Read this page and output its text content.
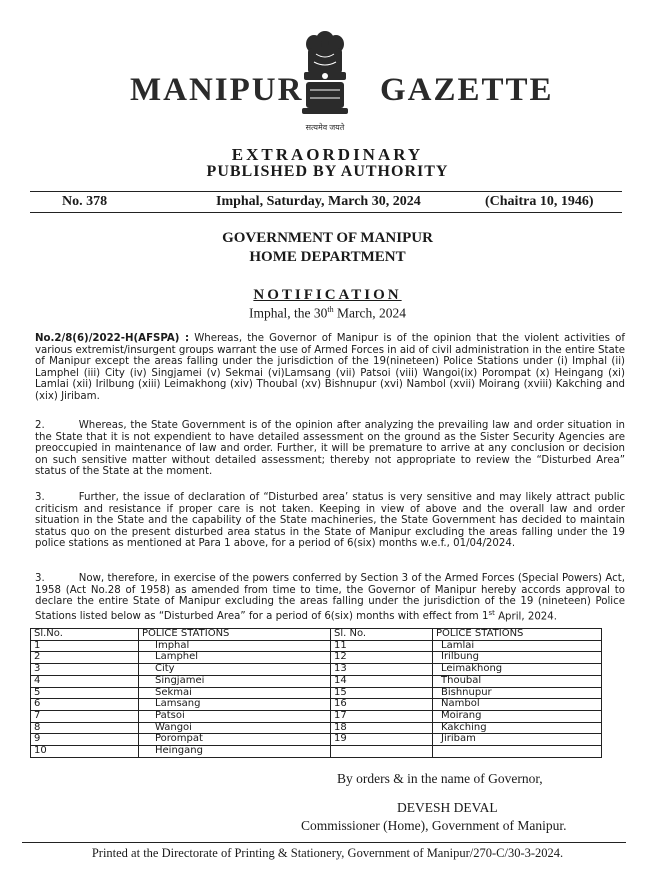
MANIPUR
सत्यमेव जयते
GAZETTE
EXTRAORDINARY
PUBLISHED BY AUTHORITY
No. 378	Imphal, Saturday, March 30, 2024	(Chaitra 10, 1946)
GOVERNMENT OF MANIPUR
HOME DEPARTMENT
NOTIFICATION
Imphal, the 30th March, 2024
No.2/8(6)/2022-H(AFSPA) : Whereas, the Governor of Manipur is of the opinion that the violent activities of various extremist/insurgent groups warrant the use of Armed Forces in aid of civil administration in the entire State of Manipur except the areas falling under the jurisdiction of the 19(nineteen) Police Stations under (i) Imphal (ii) Lamphel (iii) City (iv) Singjamei (v) Sekmai (vi)Lamsang (vii) Patsoi (viii) Wangoi(ix) Porompat (x) Heingang (xi) Lamlai (xii) Irilbung (xiii) Leimakhong (xiv) Thoubal (xv) Bishnupur (xvi) Nambol (xvii) Moirang (xviii) Kakching and (xix) Jiribam.
2.	Whereas, the State Government is of the opinion after analyzing the prevailing law and order situation in the State that it is not expendient to have detailed assessment on the ground as the Sister Security Agencies are preoccupied in maintenance of law and order. Further, it will be premature to arrive at any conclusion or decision on such sensitive matter without detailed assessment; thereby not appropriate to review the “Disturbed Area” status of the State at the moment.
3.	Further, the issue of declaration of “Disturbed area’ status is very sensitive and may likely attract public criticism and resistance if proper care is not taken. Keeping in view of above and the overall law and order situation in the State and the capability of the State machineries, the State Government has decided to maintain status quo on the present disturbed area status in the State of Manipur excluding the areas falling under the 19 police stations as mentioned at Para 1 above, for a period of 6(six) months w.e.f., 01/04/2024.
3.	Now, therefore, in exercise of the powers conferred by Section 3 of the Armed Forces (Special Powers) Act, 1958 (Act No.28 of 1958) as amended from time to time, the Governor of Manipur hereby accords approval to declare the entire State of Manipur excluding the areas falling under the jurisdiction of the 19 (nineteen) Police Stations listed below as “Disturbed Area” for a period of 6(six) months with effect from 1st April, 2024.
Sl.No.	POLICE STATIONS	Sl. No.	POLICE STATIONS
1	Imphal	11	Lamlai
2	Lamphel	12	Irilbung
3	City	13	Leimakhong
4	Singjamei	14	Thoubal
5	Sekmai	15	Bishnupur
6	Lamsang	16	Nambol
7	Patsoi	17	Moirang
8	Wangoi	18	Kakching
9	Porompat	19	Jiribam
10	Heingang		
By orders & in the name of Governor,
DEVESH DEVAL
Commissioner (Home), Government of Manipur.
Printed at the Directorate of Printing & Stationery, Government of Manipur/270-C/30-3-2024.
